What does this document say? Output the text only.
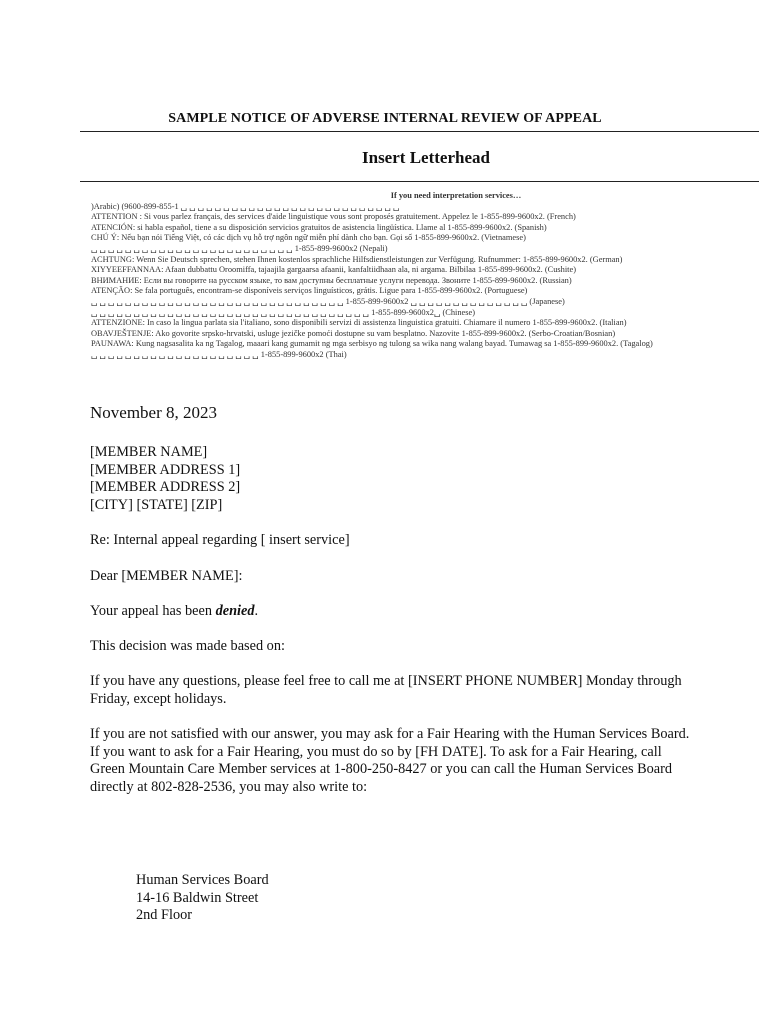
SAMPLE NOTICE OF ADVERSE INTERNAL REVIEW OF APPEAL
Insert Letterhead
If you need interpretation services…
)Arabic) (9600-899-855-1 ␣ ␣ ␣ ␣ ␣ ␣ ␣ ␣ ␣ ␣ ␣ ␣ ␣ ␣ ␣ ␣ ␣ ␣ ␣ ␣ ␣ ␣ ␣ ␣ ␣ ␣
ATTENTION : Si vous parlez français, des services d'aide linguistique vous sont proposés gratuitement. Appelez le 1-855-899-9600x2. (French)
ATENCIÓN: si habla español, tiene a su disposición servicios gratuitos de asistencia lingüística. Llame al 1-855-899-9600x2. (Spanish)
CHÚ Ý: Nếu bạn nói Tiếng Việt, có các dịch vụ hỗ trợ ngôn ngữ miễn phí dành cho bạn. Gọi số 1-855-899-9600x2. (Vietnamese)
␣ ␣ ␣ ␣ ␣ ␣ ␣ ␣ ␣ ␣ ␣ ␣ ␣ ␣ ␣ ␣ ␣ ␣ ␣ ␣ ␣ ␣ ␣ ␣ 1-855-899-9600x2 (Nepali)
ACHTUNG: Wenn Sie Deutsch sprechen, stehen Ihnen kostenlos sprachliche Hilfsdienstleistungen zur Verfügung. Rufnummer: 1-855-899-9600x2. (German)
XIYYEEFFANNAA: Afaan dubbattu Oroomiffa, tajaajila gargaarsa afaanii, kanfaltiidhaan ala, ni argama. Bilbilaa 1-855-899-9600x2. (Cushite)
ВНИМАНИЕ: Если вы говорите на русском языке, то вам доступны бесплатные услуги перевода. Звоните 1-855-899-9600x2. (Russian)
ATENÇÃO: Se fala português, encontram-se disponíveis serviços linguísticos, grátis. Ligue para 1-855-899-9600x2. (Portuguese)
␣ ␣ ␣ ␣ ␣ ␣ ␣ ␣ ␣ ␣ ␣ ␣ ␣ ␣ ␣ ␣ ␣ ␣ ␣ ␣ ␣ ␣ ␣ ␣ ␣ ␣ ␣ ␣ ␣ ␣ 1-855-899-9600x2 ␣ ␣ ␣ ␣ ␣ ␣ ␣ ␣ ␣ ␣ ␣ ␣ ␣ ␣ (Japanese)
␣ ␣ ␣ ␣ ␣ ␣ ␣ ␣ ␣ ␣ ␣ ␣ ␣ ␣ ␣ ␣ ␣ ␣ ␣ ␣ ␣ ␣ ␣ ␣ ␣ ␣ ␣ ␣ ␣ ␣ ␣ ␣ ␣ 1-855-899-9600x2␣ (Chinese)
ATTENZIONE: In caso la lingua parlata sia l'italiano, sono disponibili servizi di assistenza linguistica gratuiti. Chiamare il numero 1-855-899-9600x2. (Italian)
OBAVJEŠTENJE: Ako govorite srpsko-hrvatski, usluge jezičke pomoći dostupne su vam besplatno. Nazovite 1-855-899-9600x2. (Serbo-Croatian/Bosnian)
PAUNAWA: Kung nagsasalita ka ng Tagalog, maaari kang gumamit ng mga serbisyo ng tulong sa wika nang walang bayad. Tumawag sa 1-855-899-9600x2. (Tagalog)
␣ ␣ ␣ ␣ ␣ ␣ ␣ ␣ ␣ ␣ ␣ ␣ ␣ ␣ ␣ ␣ ␣ ␣ ␣ ␣ 1-855-899-9600x2 (Thai)
November 8, 2023
[MEMBER NAME]
[MEMBER ADDRESS 1]
[MEMBER ADDRESS 2]
[CITY] [STATE] [ZIP]
Re: Internal appeal regarding [ insert service]
Dear [MEMBER NAME]:
Your appeal has been denied.
This decision was made based on:
If you have any questions, please feel free to call me at [INSERT PHONE NUMBER] Monday through Friday, except holidays.
If you are not satisfied with our answer, you may ask for a Fair Hearing with the Human Services Board. If you want to ask for a Fair Hearing, you must do so by [FH DATE]. To ask for a Fair Hearing, call Green Mountain Care Member services at 1-800-250-8427 or you can call the Human Services Board directly at 802-828-2536, you may also write to:
Human Services Board
14-16 Baldwin Street
2nd Floor
